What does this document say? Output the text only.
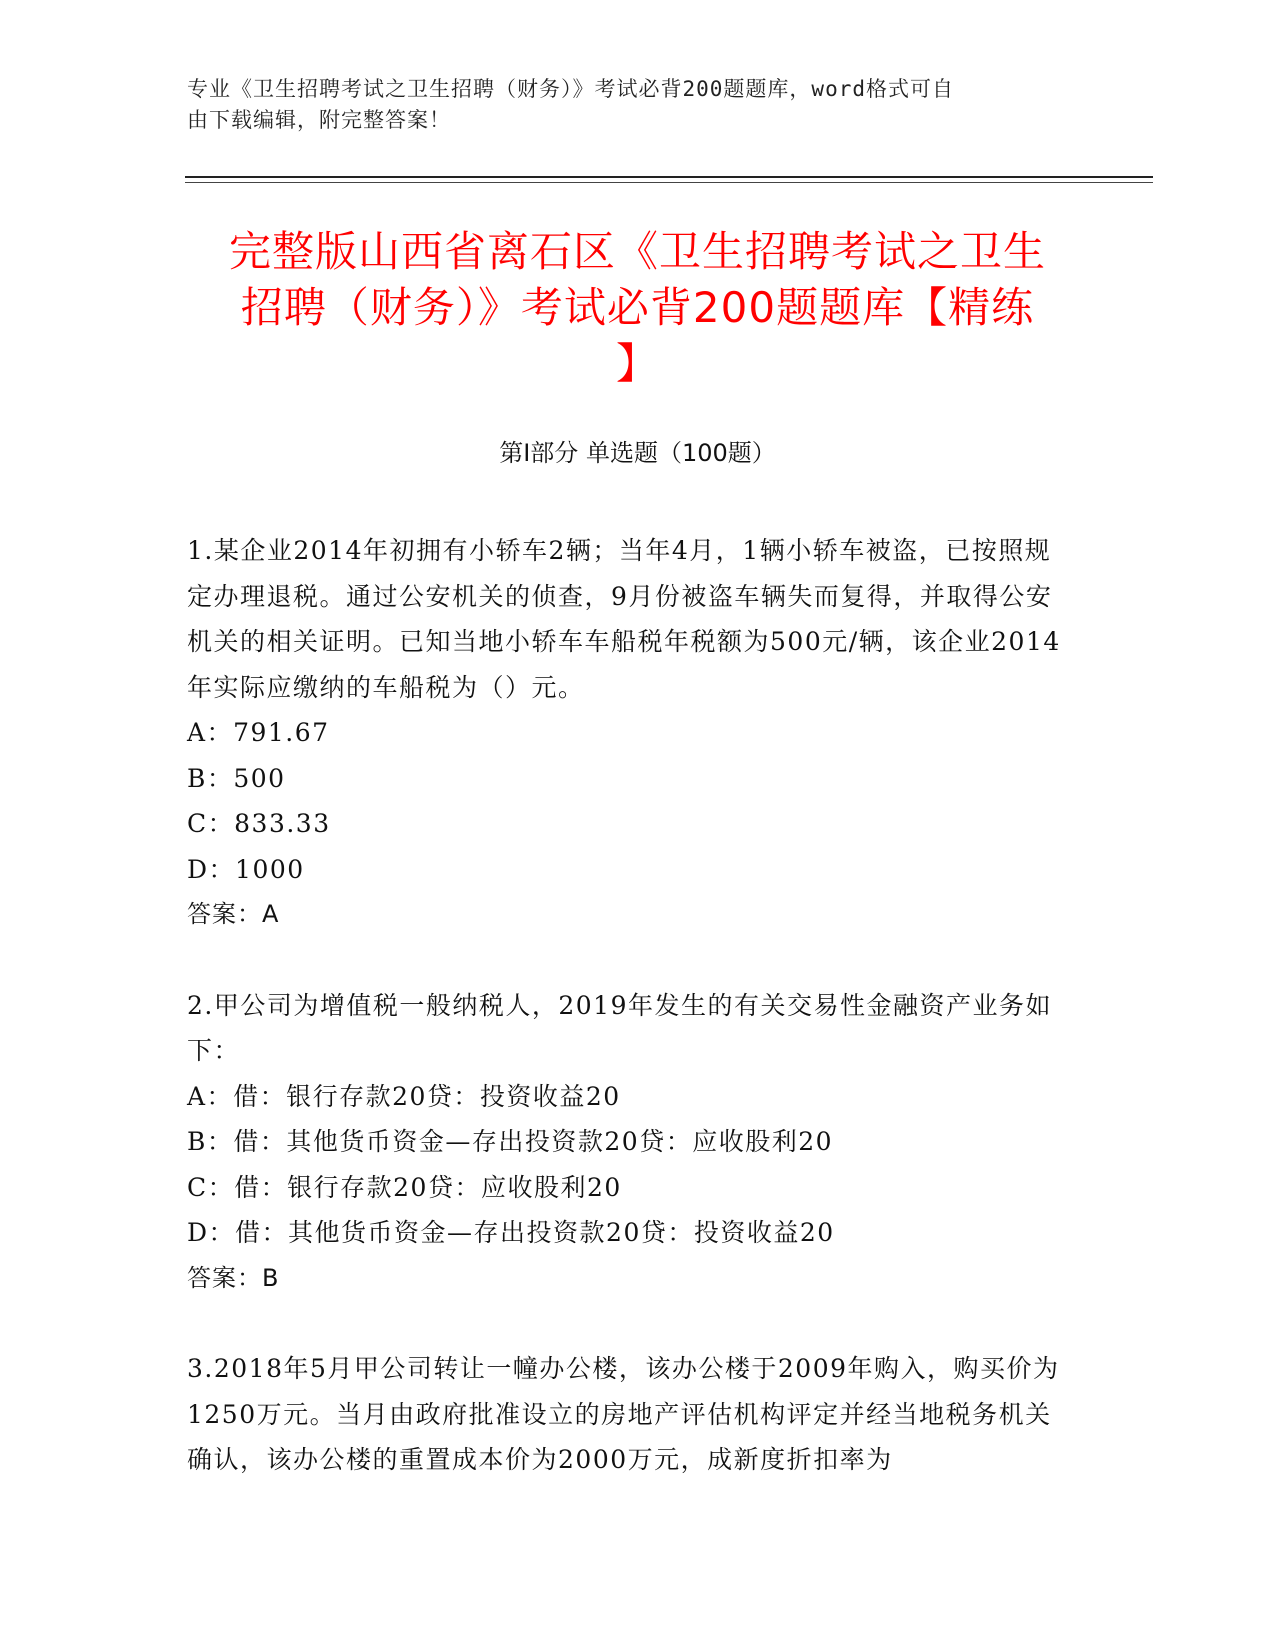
专业《卫生招聘考试之卫生招聘（财务）》考试必背200题题库，word格式可自
由下载编辑，附完整答案！
完整版山西省离石区《卫生招聘考试之卫生
招聘（财务）》考试必背200题题库【精练
】
第I部分 单选题（100题）

1.某企业2014年初拥有小轿车2辆；当年4月，1辆小轿车被盗，已按照规定办理退税。通过公安机关的侦查，9月份被盗车辆失而复得，并取得公安机关的相关证明。已知当地小轿车车船税年税额为500元/辆，该企业2014年实际应缴纳的车船税为（）元。

A：791.67

B：500

C：833.33

D：1000

答案：A

2.甲公司为增值税一般纳税人，2019年发生的有关交易性金融资产业务如下：

A：借：银行存款20贷：投资收益20

B：借：其他货币资金—存出投资款20贷：应收股利20

C：借：银行存款20贷：应收股利20

D：借：其他货币资金—存出投资款20贷：投资收益20

答案：B

3.2018年5月甲公司转让一幢办公楼，该办公楼于2009年购入，购买价为1250万元。当月由政府批准设立的房地产评估机构评定并经当地税务机关确认，该办公楼的重置成本价为2000万元，成新度折扣率为
